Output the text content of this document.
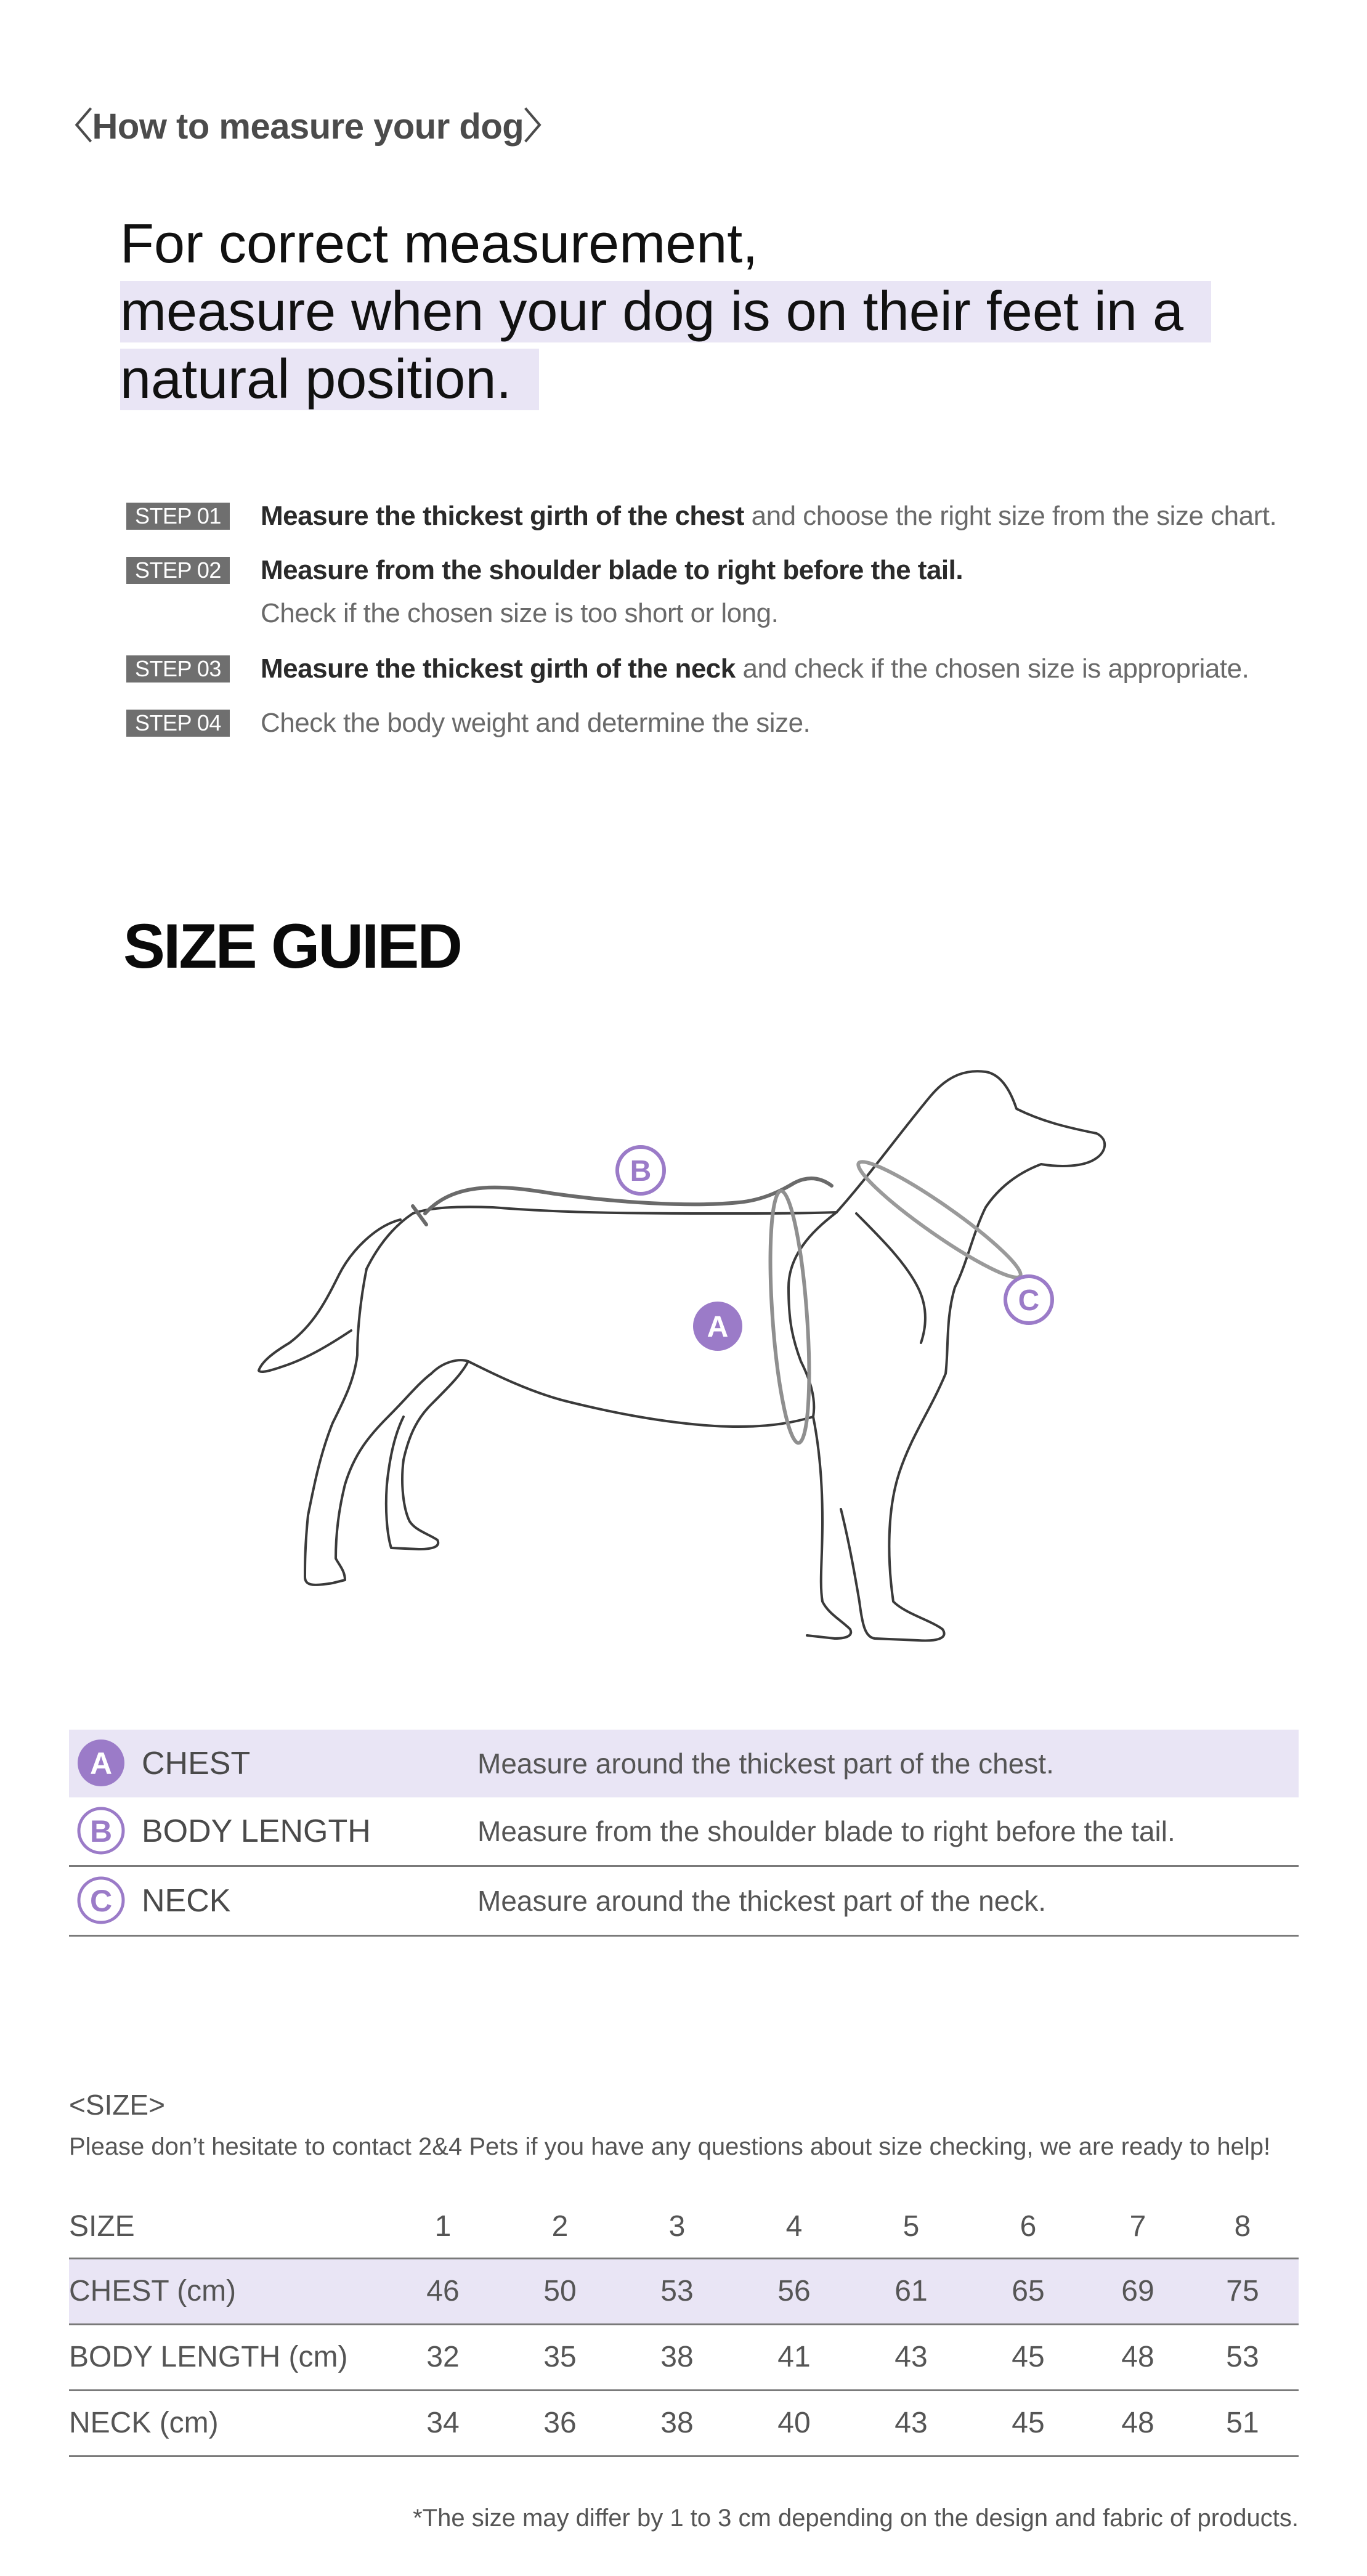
〈How to measure your dog〉
For correct measurement,
measure when your dog is on their feet in a 
natural position. 
STEP 01	Measure the thickest girth of the chest and choose the right size from the size chart.
STEP 02	Measure from the shoulder blade to right before the tail.
Check if the chosen size is too short or long.
STEP 03	Measure the thickest girth of the neck and check if the chosen size is appropriate.
STEP 04	Check the body weight and determine the size.
SIZE GUIED
B
A
C
A CHEST	Measure around the thickest part of the chest.
B BODY LENGTH	Measure from the shoulder blade to right before the tail.
C NECK	Measure around the thickest part of the neck.
<SIZE>
Please don’t hesitate to contact 2&4 Pets if you have any questions about size checking, we are ready to help!
SIZE	1	2	3	4	5	6	7	8
CHEST (cm)	46	50	53	56	61	65	69	75
BODY LENGTH (cm)	32	35	38	41	43	45	48	53
NECK (cm)	34	36	38	40	43	45	48	51
*The size may differ by 1 to 3 cm depending on the design and fabric of products.
